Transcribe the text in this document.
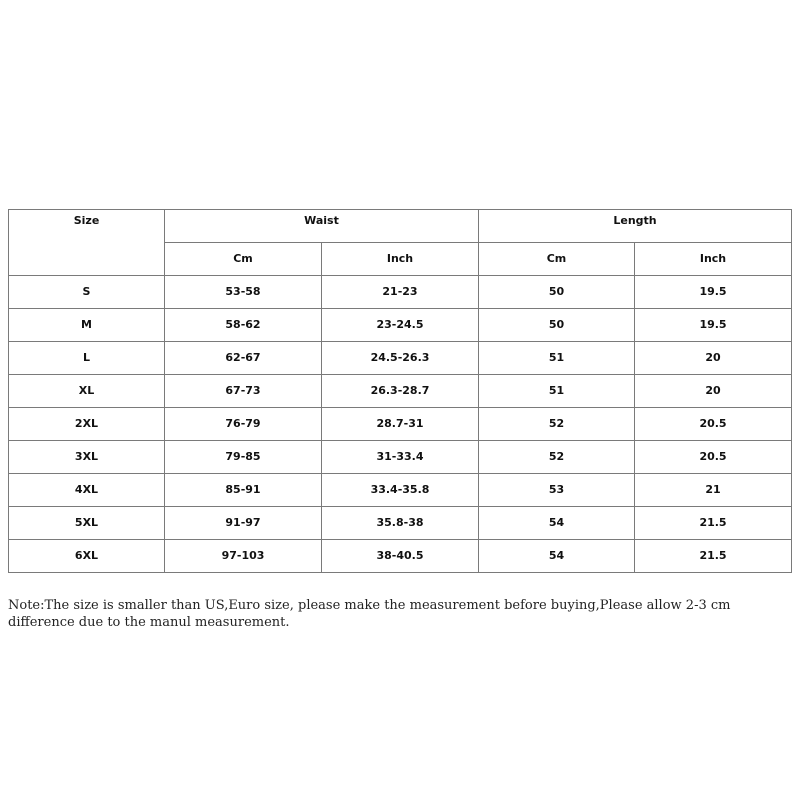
Size	Waist		Length	
	Cm	Inch	Cm	Inch
S	53-58	21-23	50	19.5
M	58-62	23-24.5	50	19.5
L	62-67	24.5-26.3	51	20
XL	67-73	26.3-28.7	51	20
2XL	76-79	28.7-31	52	20.5
3XL	79-85	31-33.4	52	20.5
4XL	85-91	33.4-35.8	53	21
5XL	91-97	35.8-38	54	21.5
6XL	97-103	38-40.5	54	21.5

Note:The size is smaller than US,Euro size, please make the measurement before buying,Please allow 2-3 cm difference due to the manul measurement.
